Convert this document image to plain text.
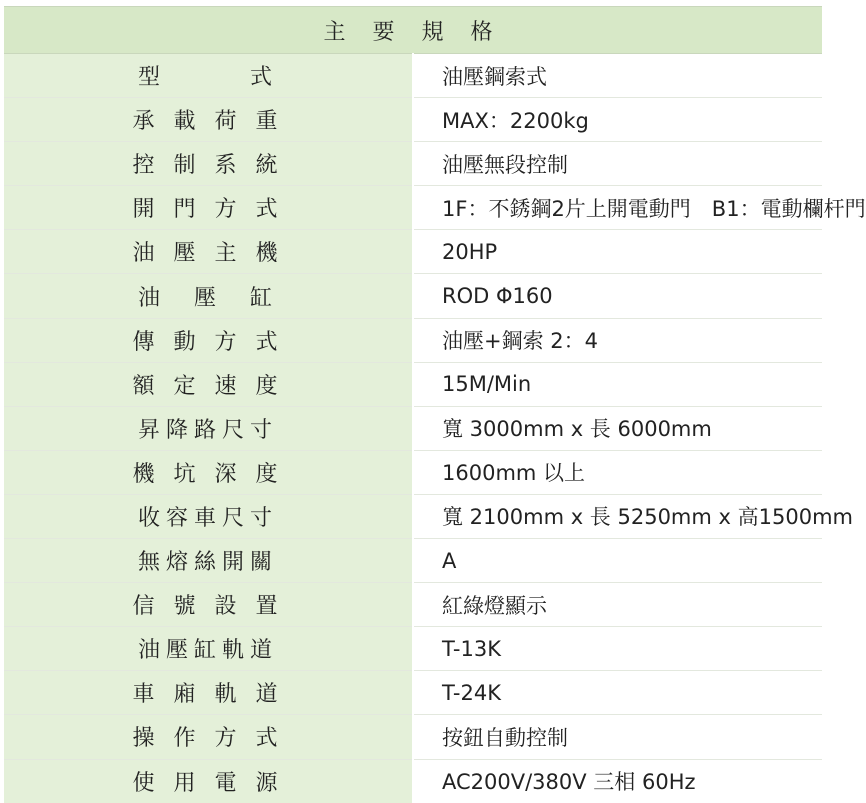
主 要 規 格	
型　　　式	油壓鋼索式
承 載 荷 重	MAX：2200kg
控 制 系 統	油壓無段控制
開 門 方 式	1F：不銹鋼2片上開電動門　B1：電動欄杆門
油 壓 主 機	20HP
油　壓　缸	ROD Φ160
傳 動 方 式	油壓+鋼索 2：4
額 定 速 度	15M/Min
昇降路尺寸	寬 3000mm x 長 6000mm
機 坑 深 度	1600mm 以上
收容車尺寸	寬 2100mm x 長 5250mm x 高1500mm
無熔絲開關	A
信 號 設 置	紅綠燈顯示
油壓缸軌道	T-13K
車 廂 軌 道	T-24K
操 作 方 式	按鈕自動控制
使 用 電 源	AC200V/380V 三相 60Hz
